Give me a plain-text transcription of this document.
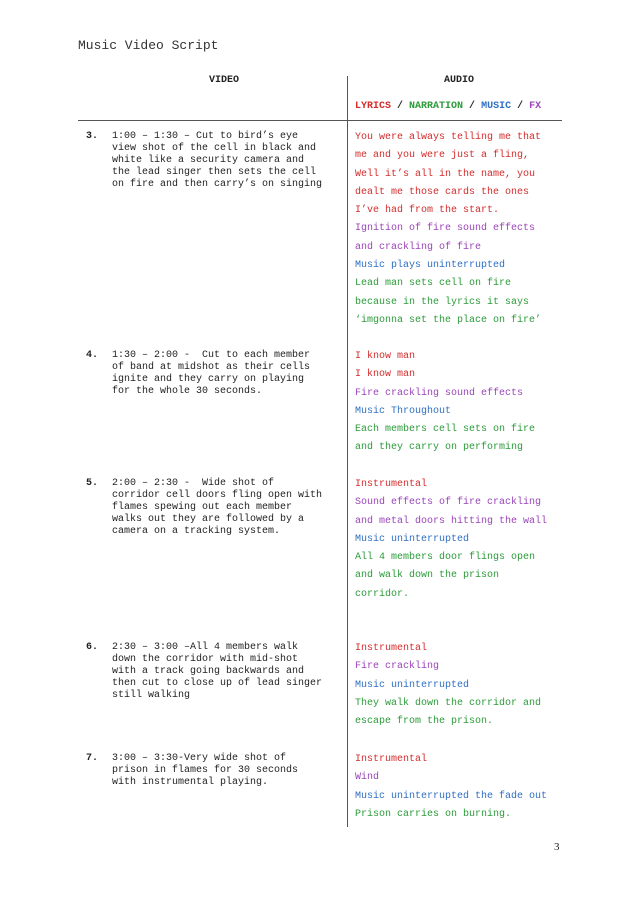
Music Video Script
VIDEO	AUDIO
LYRICS / NARRATION / MUSIC / FX
3. 1:00 – 1:30 – Cut to bird’s eye
view shot of the cell in black and
white like a security camera and
the lead singer then sets the cell
on fire and then carry’s on singing
You were always telling me that
me and you were just a fling,
Well it’s all in the name, you
dealt me those cards the ones
I’ve had from the start.
Ignition of fire sound effects
and crackling of fire
Music plays uninterrupted
Lead man sets cell on fire
because in the lyrics it says
‘imgonna set the place on fire’
4. 1:30 – 2:00 -  Cut to each member
of band at midshot as their cells
ignite and they carry on playing
for the whole 30 seconds.
I know man
I know man
Fire crackling sound effects
Music Throughout
Each members cell sets on fire
and they carry on performing
5. 2:00 – 2:30 -  Wide shot of
corridor cell doors fling open with
flames spewing out each member
walks out they are followed by a
camera on a tracking system.
Instrumental
Sound effects of fire crackling
and metal doors hitting the wall
Music uninterrupted
All 4 members door flings open
and walk down the prison
corridor.
6. 2:30 – 3:00 –All 4 members walk
down the corridor with mid-shot
with a track going backwards and
then cut to close up of lead singer
still walking
Instrumental
Fire crackling
Music uninterrupted
They walk down the corridor and
escape from the prison.
7. 3:00 – 3:30-Very wide shot of
prison in flames for 30 seconds
with instrumental playing.
Instrumental
Wind
Music uninterrupted the fade out
Prison carries on burning.
3
